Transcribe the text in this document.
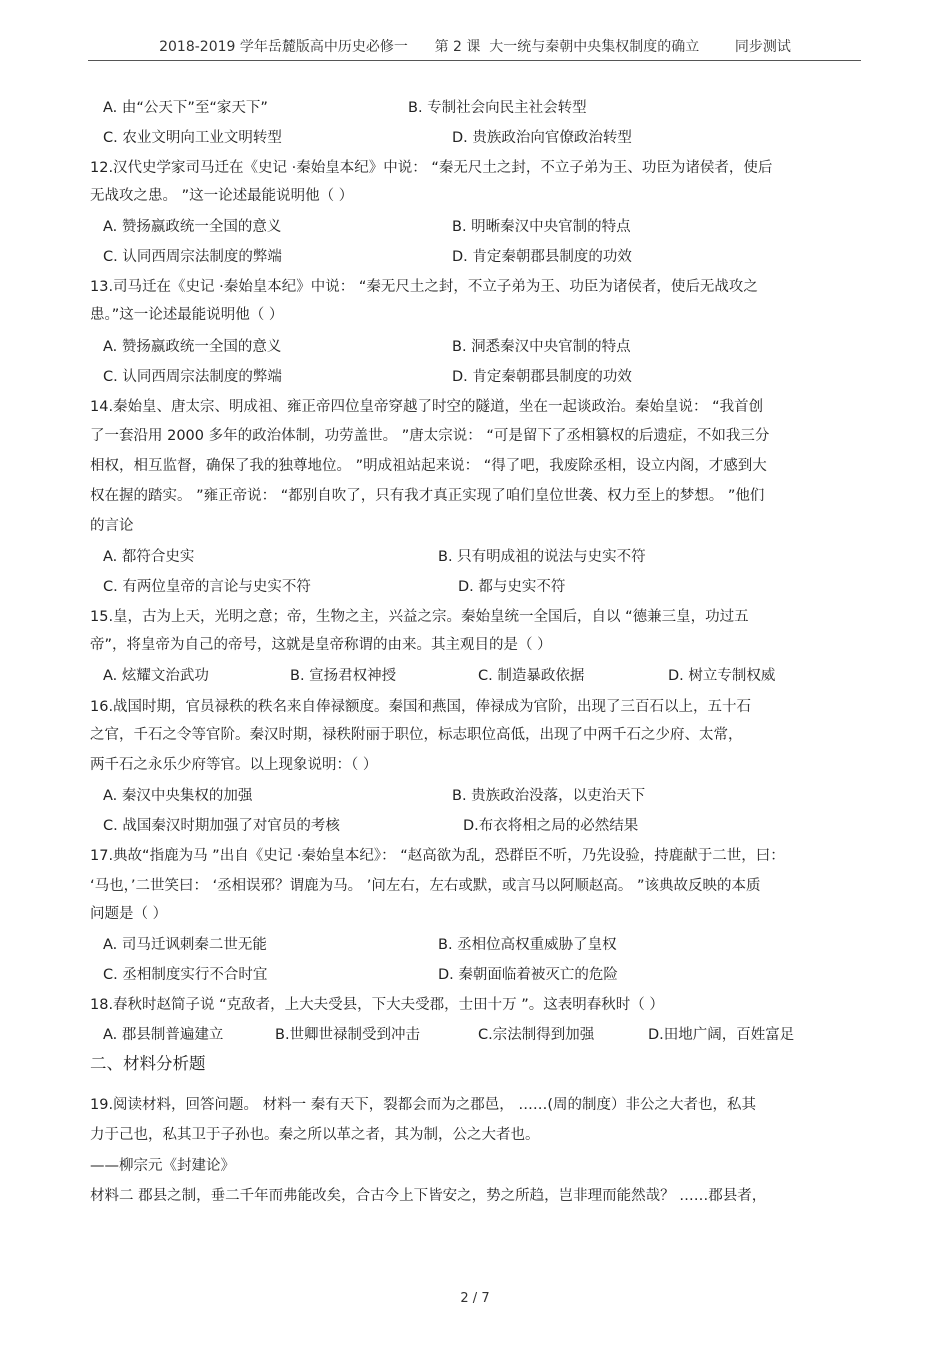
2018-2019 学年岳麓版高中历史必修一      第 2 课  大一统与秦朝中央集权制度的确立        同步测试
A. 由“公天下”至“家天下”	B. 专制社会向民主社会转型
C. 农业文明向工业文明转型	D. 贵族政治向官僚政治转型
12.汉代史学家司马迁在《史记 ·秦始皇本纪》中说： “秦无尺土之封，不立子弟为王、功臣为诸侯者，使后
无战攻之患。 ”这一论述最能说明他（ ）
A. 赞扬嬴政统一全国的意义	B. 明晰秦汉中央官制的特点
C. 认同西周宗法制度的弊端	D. 肯定秦朝郡县制度的功效
13.司马迁在《史记 ·秦始皇本纪》中说： “秦无尺土之封，不立子弟为王、功臣为诸侯者，使后无战攻之
患。”这一论述最能说明他（ ）
A. 赞扬嬴政统一全国的意义	B. 洞悉秦汉中央官制的特点
C. 认同西周宗法制度的弊端	D. 肯定秦朝郡县制度的功效
14.秦始皇、唐太宗、明成祖、雍正帝四位皇帝穿越了时空的隧道，坐在一起谈政治。秦始皇说： “我首创
了一套沿用 2000 多年的政治体制，功劳盖世。 ”唐太宗说： “可是留下了丞相篡权的后遗症，不如我三分
相权，相互监督，确保了我的独尊地位。 ”明成祖站起来说： “得了吧，我废除丞相，设立内阁，才感到大
权在握的踏实。 ”雍正帝说： “都别自吹了，只有我才真正实现了咱们皇位世袭、权力至上的梦想。 ”他们
的言论
A. 都符合史实	B. 只有明成祖的说法与史实不符
C. 有两位皇帝的言论与史实不符	D. 都与史实不符
15.皇，古为上天，光明之意；帝，生物之主，兴益之宗。秦始皇统一全国后，自以 “德兼三皇，功过五
帝”，将皇帝为自己的帝号，这就是皇帝称谓的由来。其主观目的是（ ）
A. 炫耀文治武功	B. 宣扬君权神授	C. 制造暴政依据	D. 树立专制权威
16.战国时期，官员禄秩的秩名来自俸禄额度。秦国和燕国，俸禄成为官阶，出现了三百石以上，五十石
之官，千石之令等官阶。秦汉时期，禄秩附丽于职位，标志职位高低，出现了中两千石之少府、太常，
两千石之永乐少府等官。以上现象说明：（ ）
A. 秦汉中央集权的加强	B. 贵族政治没落，以吏治天下
C. 战国秦汉时期加强了对官员的考核	D.布衣将相之局的必然结果
17.典故“指鹿为马 ”出自《史记 ·秦始皇本纪》： “赵高欲为乱，恐群臣不听，乃先设验，持鹿献于二世，曰：
‘马也，’二世笑曰： ‘丞相误邪？谓鹿为马。 ’问左右，左右或默，或言马以阿顺赵高。 ”该典故反映的本质
问题是（ ）
A. 司马迁讽刺秦二世无能	B. 丞相位高权重威胁了皇权
C. 丞相制度实行不合时宜	D. 秦朝面临着被灭亡的危险
18.春秋时赵简子说 “克敌者，上大夫受县，下大夫受郡，士田十万 ”。这表明春秋时（ ）
A. 郡县制普遍建立	B.世卿世禄制受到冲击	C.宗法制得到加强	D.田地广阔，百姓富足
二、材料分析题
19.阅读材料，回答问题。 材料一 秦有天下，裂都会而为之郡邑， ……(周的制度）非公之大者也，私其
力于己也，私其卫于子孙也。秦之所以革之者，其为制，公之大者也。
——柳宗元《封建论》
材料二 郡县之制，垂二千年而弗能改矣，合古今上下皆安之，势之所趋，岂非理而能然哉？ ……郡县者，
2 / 7
